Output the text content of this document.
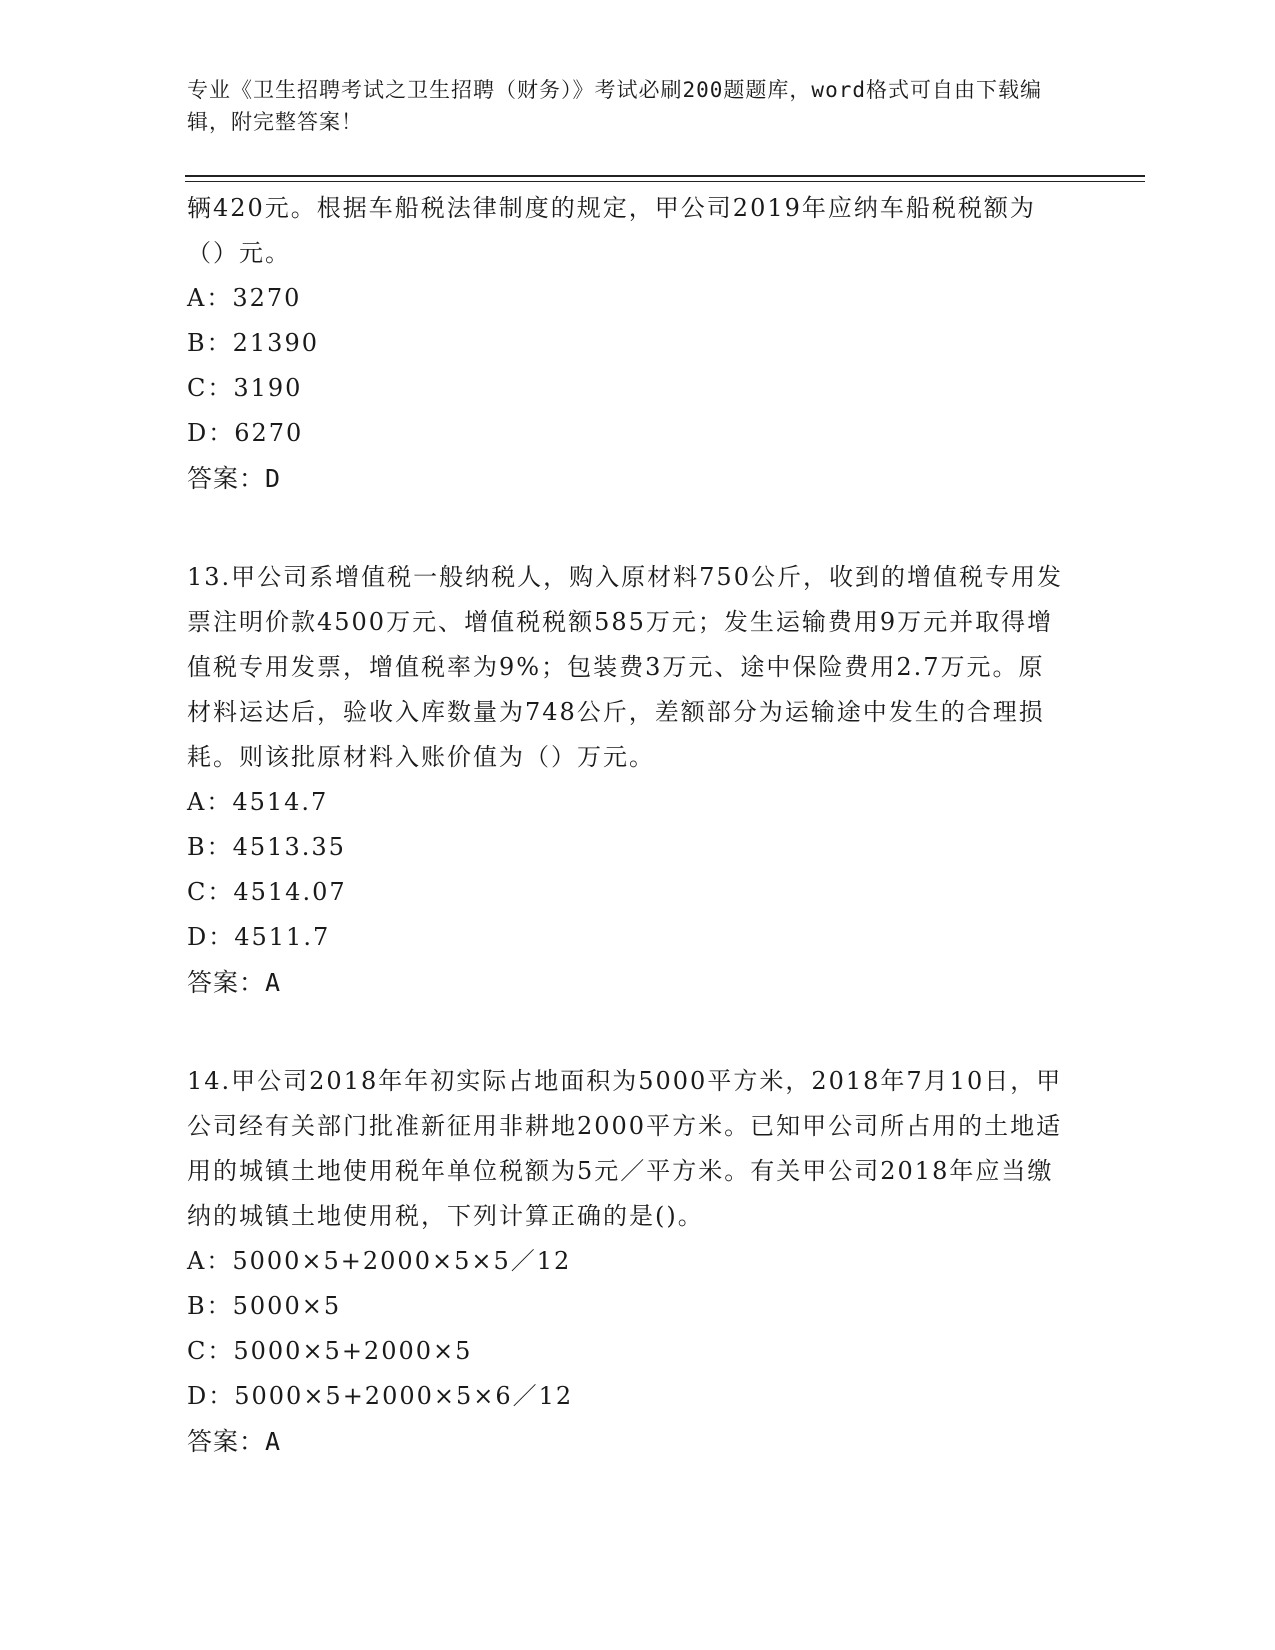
专业《卫生招聘考试之卫生招聘（财务）》考试必刷200题题库，word格式可自由下载编辑，附完整答案！

辆420元。根据车船税法律制度的规定，甲公司2019年应纳车船税税额为（）元。

A：3270

B：21390

C：3190

D：6270

答案：D

13.甲公司系增值税一般纳税人，购入原材料750公斤，收到的增值税专用发票注明价款4500万元、增值税税额585万元；发生运输费用9万元并取得增值税专用发票，增值税率为9%；包装费3万元、途中保险费用2.7万元。原材料运达后，验收入库数量为748公斤，差额部分为运输途中发生的合理损耗。则该批原材料入账价值为（）万元。

A：4514.7

B：4513.35

C：4514.07

D：4511.7

答案：A

14.甲公司2018年年初实际占地面积为5000平方米，2018年7月10日，甲公司经有关部门批准新征用非耕地2000平方米。已知甲公司所占用的土地适用的城镇土地使用税年单位税额为5元／平方米。有关甲公司2018年应当缴纳的城镇土地使用税，下列计算正确的是()。

A：5000×5+2000×5×5／12

B：5000×5

C：5000×5+2000×5

D：5000×5+2000×5×6／12

答案：A
